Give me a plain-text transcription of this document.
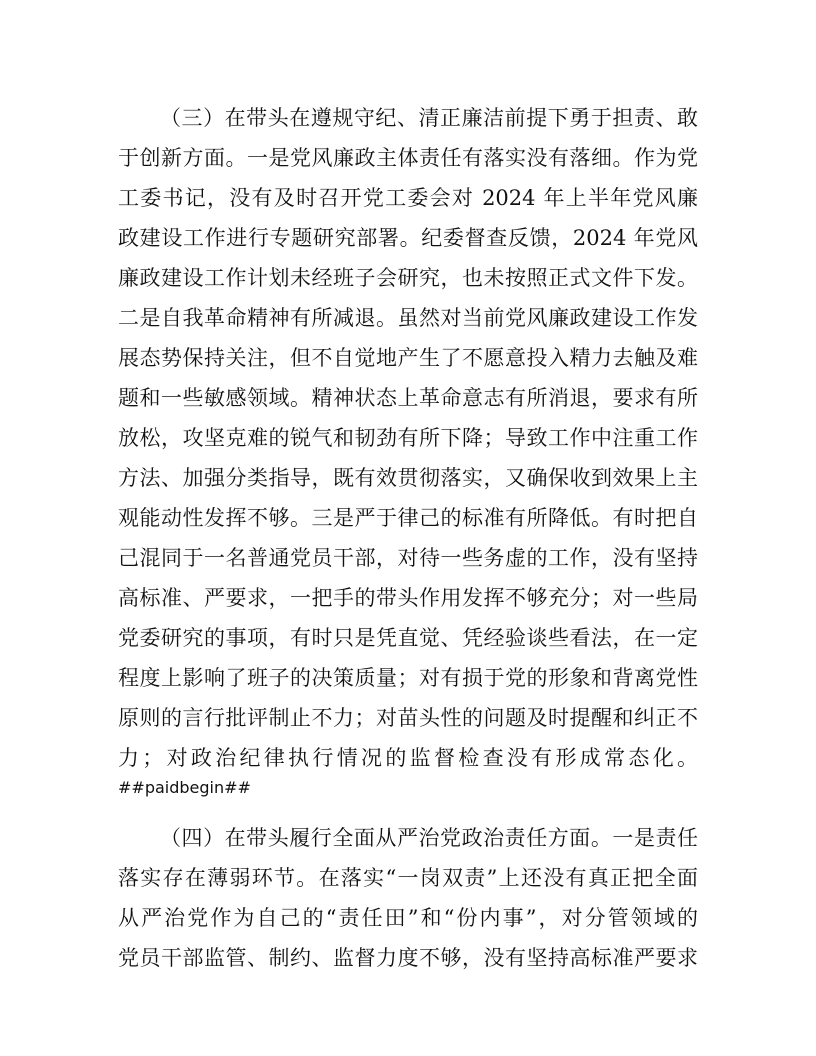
（三）在带头在遵规守纪、清正廉洁前提下勇于担责、敢
于创新方面。一是党风廉政主体责任有落实没有落细。作为党
工委书记，没有及时召开党工委会对 2024 年上半年党风廉
政建设工作进行专题研究部署。纪委督查反馈，2024 年党风
廉政建设工作计划未经班子会研究，也未按照正式文件下发。
二是自我革命精神有所减退。虽然对当前党风廉政建设工作发
展态势保持关注，但不自觉地产生了不愿意投入精力去触及难
题和一些敏感领域。精神状态上革命意志有所消退，要求有所
放松，攻坚克难的锐气和韧劲有所下降；导致工作中注重工作
方法、加强分类指导，既有效贯彻落实，又确保收到效果上主
观能动性发挥不够。三是严于律己的标准有所降低。有时把自
己混同于一名普通党员干部，对待一些务虚的工作，没有坚持
高标准、严要求，一把手的带头作用发挥不够充分；对一些局
党委研究的事项，有时只是凭直觉、凭经验谈些看法，在一定
程度上影响了班子的决策质量；对有损于党的形象和背离党性
原则的言行批评制止不力；对苗头性的问题及时提醒和纠正不
力；对政治纪律执行情况的监督检查没有形成常态化。
##paidbegin##
（四）在带头履行全面从严治党政治责任方面。一是责任
落实存在薄弱环节。在落实“一岗双责”上还没有真正把全面
从严治党作为自己的“责任田”和“份内事”，对分管领域的
党员干部监管、制约、监督力度不够，没有坚持高标准严要求
